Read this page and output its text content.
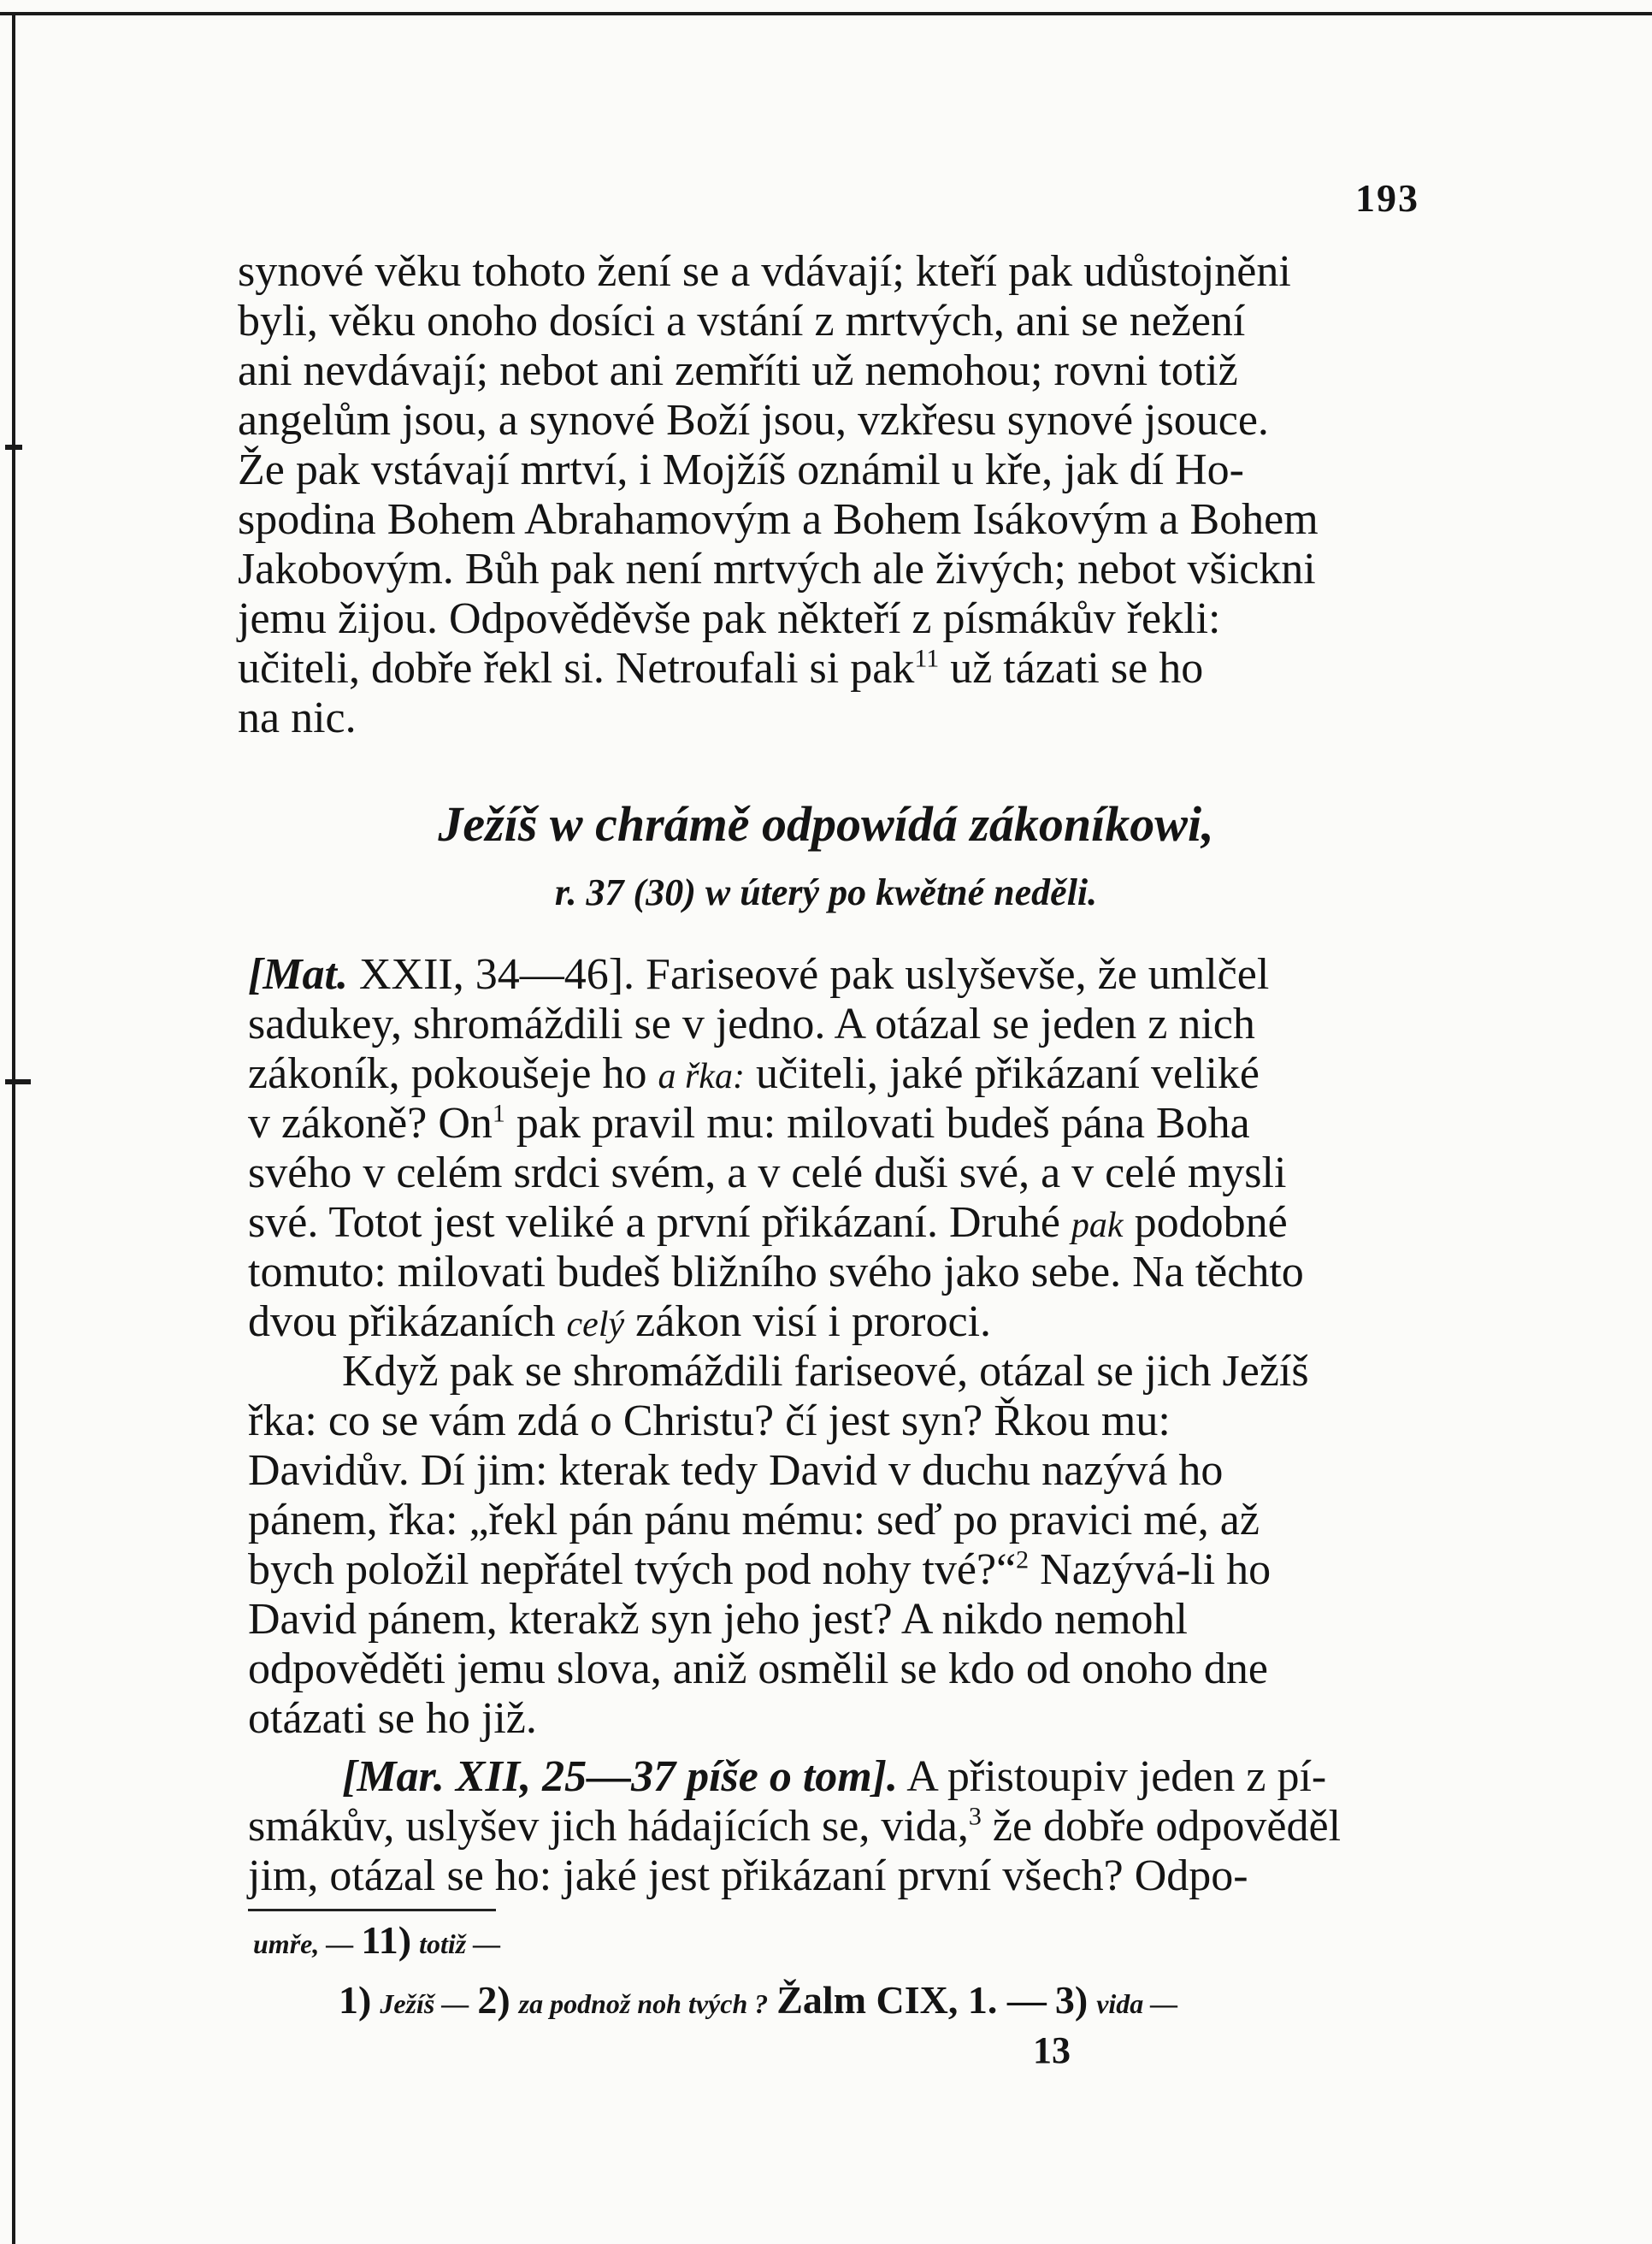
193
synové věku tohoto žení se a vdávají; kteří pak udůstojněni
byli, věku onoho dosíci a vstání z mrtvých, ani se nežení
ani nevdávají; nebot ani zemříti už nemohou; rovni totiž
angelům jsou, a synové Boží jsou, vzkřesu synové jsouce.
Že pak vstávají mrtví, i Mojžíš oznámil u kře, jak dí Ho-
spodina Bohem Abrahamovým a Bohem Isákovým a Bohem
Jakobovým. Bůh pak není mrtvých ale živých; nebot všickni
jemu žijou. Odpověděvše pak někteří z písmákův řekli:
učiteli, dobře řekl si. Netroufali si pak$^{11}$ už tázati se ho
na nic.
Ježíš w chrámě odpowídá zákoníkowi,
r. 37 (30) w úterý po kwětné neděli.
[Mat. XXII, 34—46]. Fariseové pak uslyševše, že umlčel
sadukey, shromáždili se v jedno. A otázal se jeden z nich
zákoník, pokoušeje ho a řka: učiteli, jaké přikázaní veliké
v zákoně? On$^1$ pak pravil mu: milovati budeš pána Boha
svého v celém srdci svém, a v celé duši své, a v celé mysli
své. Totot jest veliké a první přikázaní. Druhé pak podobné
tomuto: milovati budeš bližního svého jako sebe. Na těchto
dvou přikázaních celý zákon visí i proroci.
Když pak se shromáždili fariseové, otázal se jich Ježíš
řka: co se vám zdá o Christu? čí jest syn? Řkou mu:
Davidův. Dí jim: kterak tedy David v duchu nazývá ho
pánem, řka: „řekl pán pánu mému: seď po pravici mé, až
bych položil nepřátel tvých pod nohy tvé?“$^2$ Nazývá-li ho
David pánem, kterakž syn jeho jest? A nikdo nemohl
odpověděti jemu slova, aniž osmělil se kdo od onoho dne
otázati se ho již.
[Mar. XII, 25—37 píše o tom]. A přistoupiv jeden z pí-
smákův, uslyšev jich hádajících se, vida,$^3$ že dobře odpověděl
jim, otázal se ho: jaké jest přikázaní první všech? Odpo-
umře, — 11) totiž —
1) Ježíš — 2) za podnož noh tvých ? Žalm CIX, 1. — 3) vida —
13
